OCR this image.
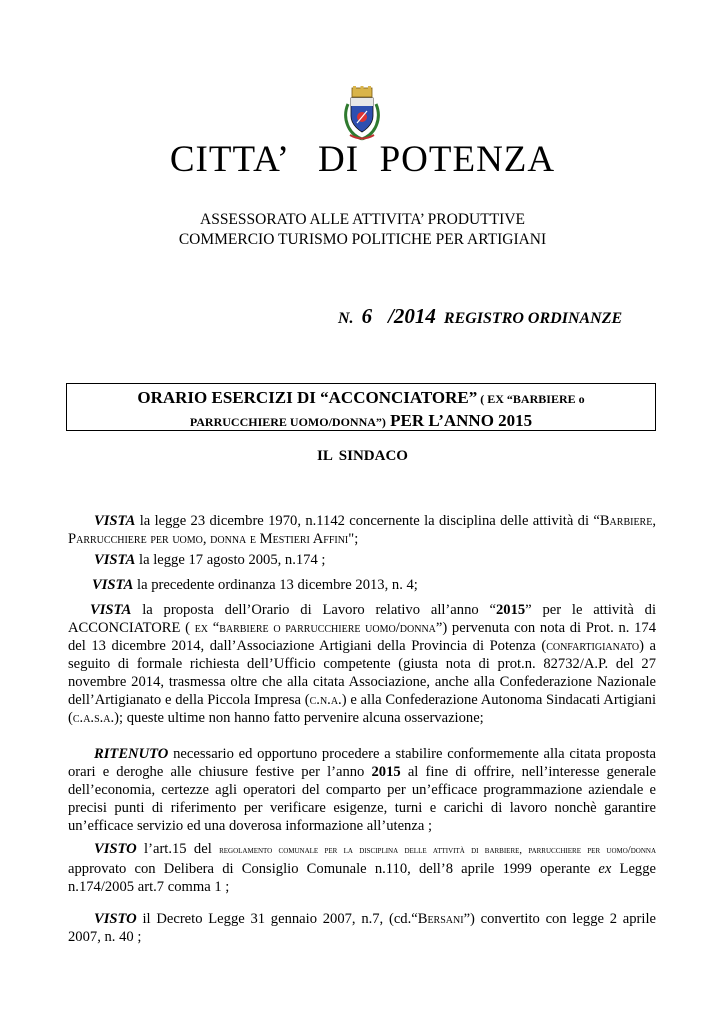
CITTA’   DI  POTENZA
ASSESSORATO ALLE ATTIVITA’ PRODUTTIVE
COMMERCIO TURISMO POLITICHE PER ARTIGIANI
N. 6 /2014 REGISTRO ORDINANZE
ORARIO ESERCIZI DI “ACCONCIATORE” ( EX “BARBIERE o
PARRUCCHIERE UOMO/DONNA”) PER L’ANNO 2015
IL SINDACO
VISTA la legge 23 dicembre 1970, n.1142 concernente la disciplina delle attività di “Barbiere, Parrucchiere per uomo, donna e Mestieri Affini";
VISTA la legge 17 agosto 2005, n.174 ;
VISTA la precedente ordinanza 13 dicembre 2013, n. 4;
VISTA la proposta dell’Orario di Lavoro relativo all’anno “2015” per le attività di ACCONCIATORE ( ex “barbiere o parrucchiere uomo/donna”) pervenuta con nota di Prot. n. 174 del 13 dicembre 2014, dall’Associazione Artigiani della Provincia di Potenza (confartigianato) a seguito di formale richiesta dell’Ufficio competente (giusta nota di prot.n. 82732/A.P. del 27 novembre 2014, trasmessa oltre che alla citata Associazione, anche alla Confederazione Nazionale dell’Artigianato e della Piccola Impresa (c.n.a.) e alla Confederazione Autonoma Sindacati Artigiani (c.a.s.a.); queste ultime non hanno fatto pervenire alcuna osservazione;
RITENUTO necessario ed opportuno procedere a stabilire conformemente alla citata proposta orari e deroghe alle chiusure festive per l’anno 2015 al fine di offrire, nell’interesse generale dell’economia, certezze agli operatori del comparto per un’efficace programmazione aziendale e precisi punti di riferimento per verificare esigenze, turni e carichi di lavoro nonchè garantire un’efficace servizio ed una doverosa informazione all’utenza ;
VISTO l’art.15 del regolamento comunale per la disciplina delle attività di barbiere, parrucchiere per uomo/donna approvato con Delibera di Consiglio Comunale n.110, dell’8 aprile 1999 operante ex Legge n.174/2005 art.7 comma 1 ;
VISTO il Decreto Legge 31 gennaio 2007, n.7, (cd.“Bersani”) convertito con legge 2 aprile 2007, n. 40 ;
